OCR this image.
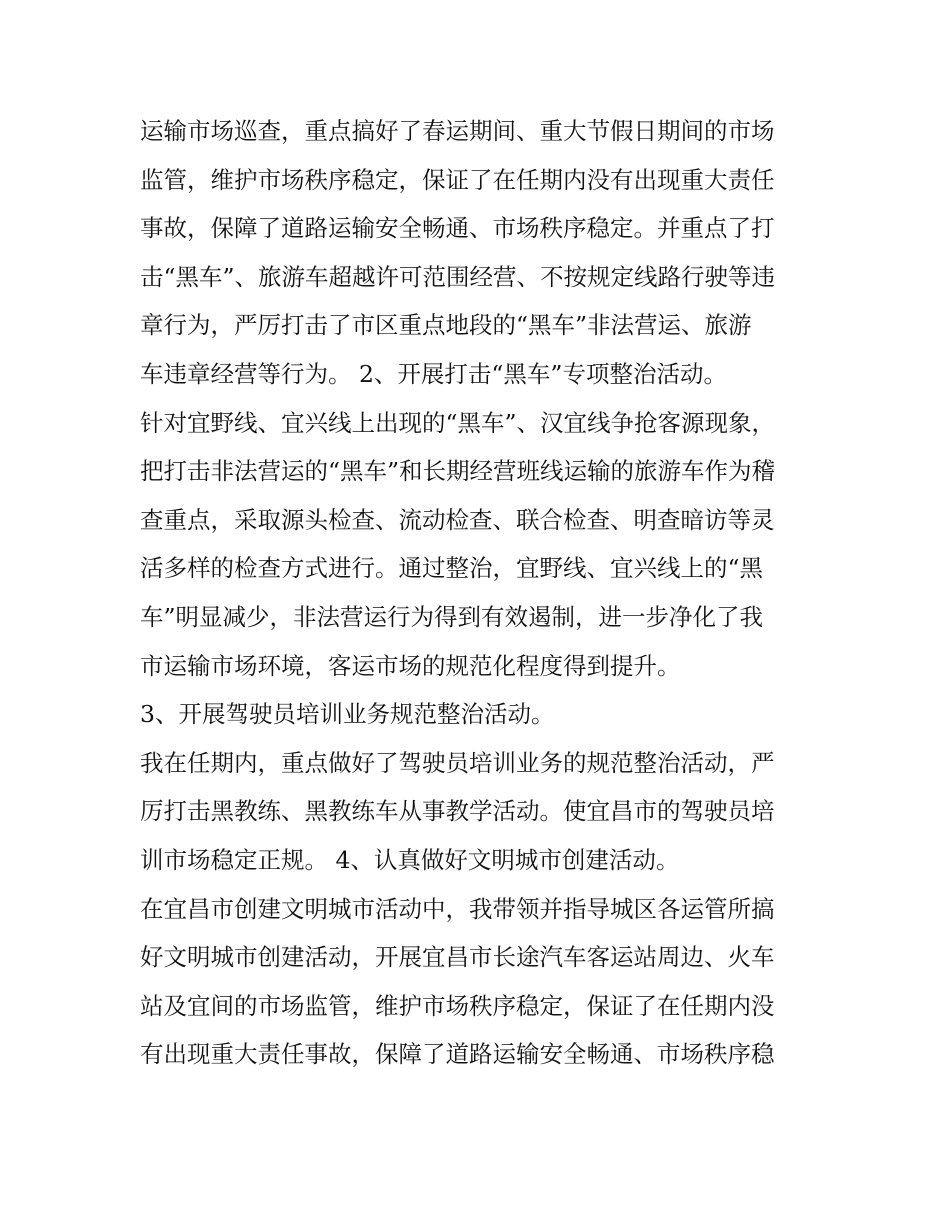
运输市场巡查，重点搞好了春运期间、重大节假日期间的市场
监管，维护市场秩序稳定，保证了在任期内没有出现重大责任
事故，保障了道路运输安全畅通、市场秩序稳定。并重点了打
击“黑车”、旅游车超越许可范围经营、不按规定线路行驶等违
章行为，严厉打击了市区重点地段的“黑车”非法营运、旅游
车违章经营等行为。 2、开展打击“黑车”专项整治活动。
针对宜野线、宜兴线上出现的“黑车”、汉宜线争抢客源现象，
把打击非法营运的“黑车”和长期经营班线运输的旅游车作为稽
查重点，采取源头检查、流动检查、联合检查、明查暗访等灵
活多样的检查方式进行。通过整治，宜野线、宜兴线上的“黑
车”明显减少，非法营运行为得到有效遏制，进一步净化了我
市运输市场环境，客运市场的规范化程度得到提升。
3、开展驾驶员培训业务规范整治活动。
我在任期内，重点做好了驾驶员培训业务的规范整治活动，严
厉打击黑教练、黑教练车从事教学活动。使宜昌市的驾驶员培
训市场稳定正规。 4、认真做好文明城市创建活动。
在宜昌市创建文明城市活动中，我带领并指导城区各运管所搞
好文明城市创建活动，开展宜昌市长途汽车客运站周边、火车
站及宜间的市场监管，维护市场秩序稳定，保证了在任期内没
有出现重大责任事故，保障了道路运输安全畅通、市场秩序稳
